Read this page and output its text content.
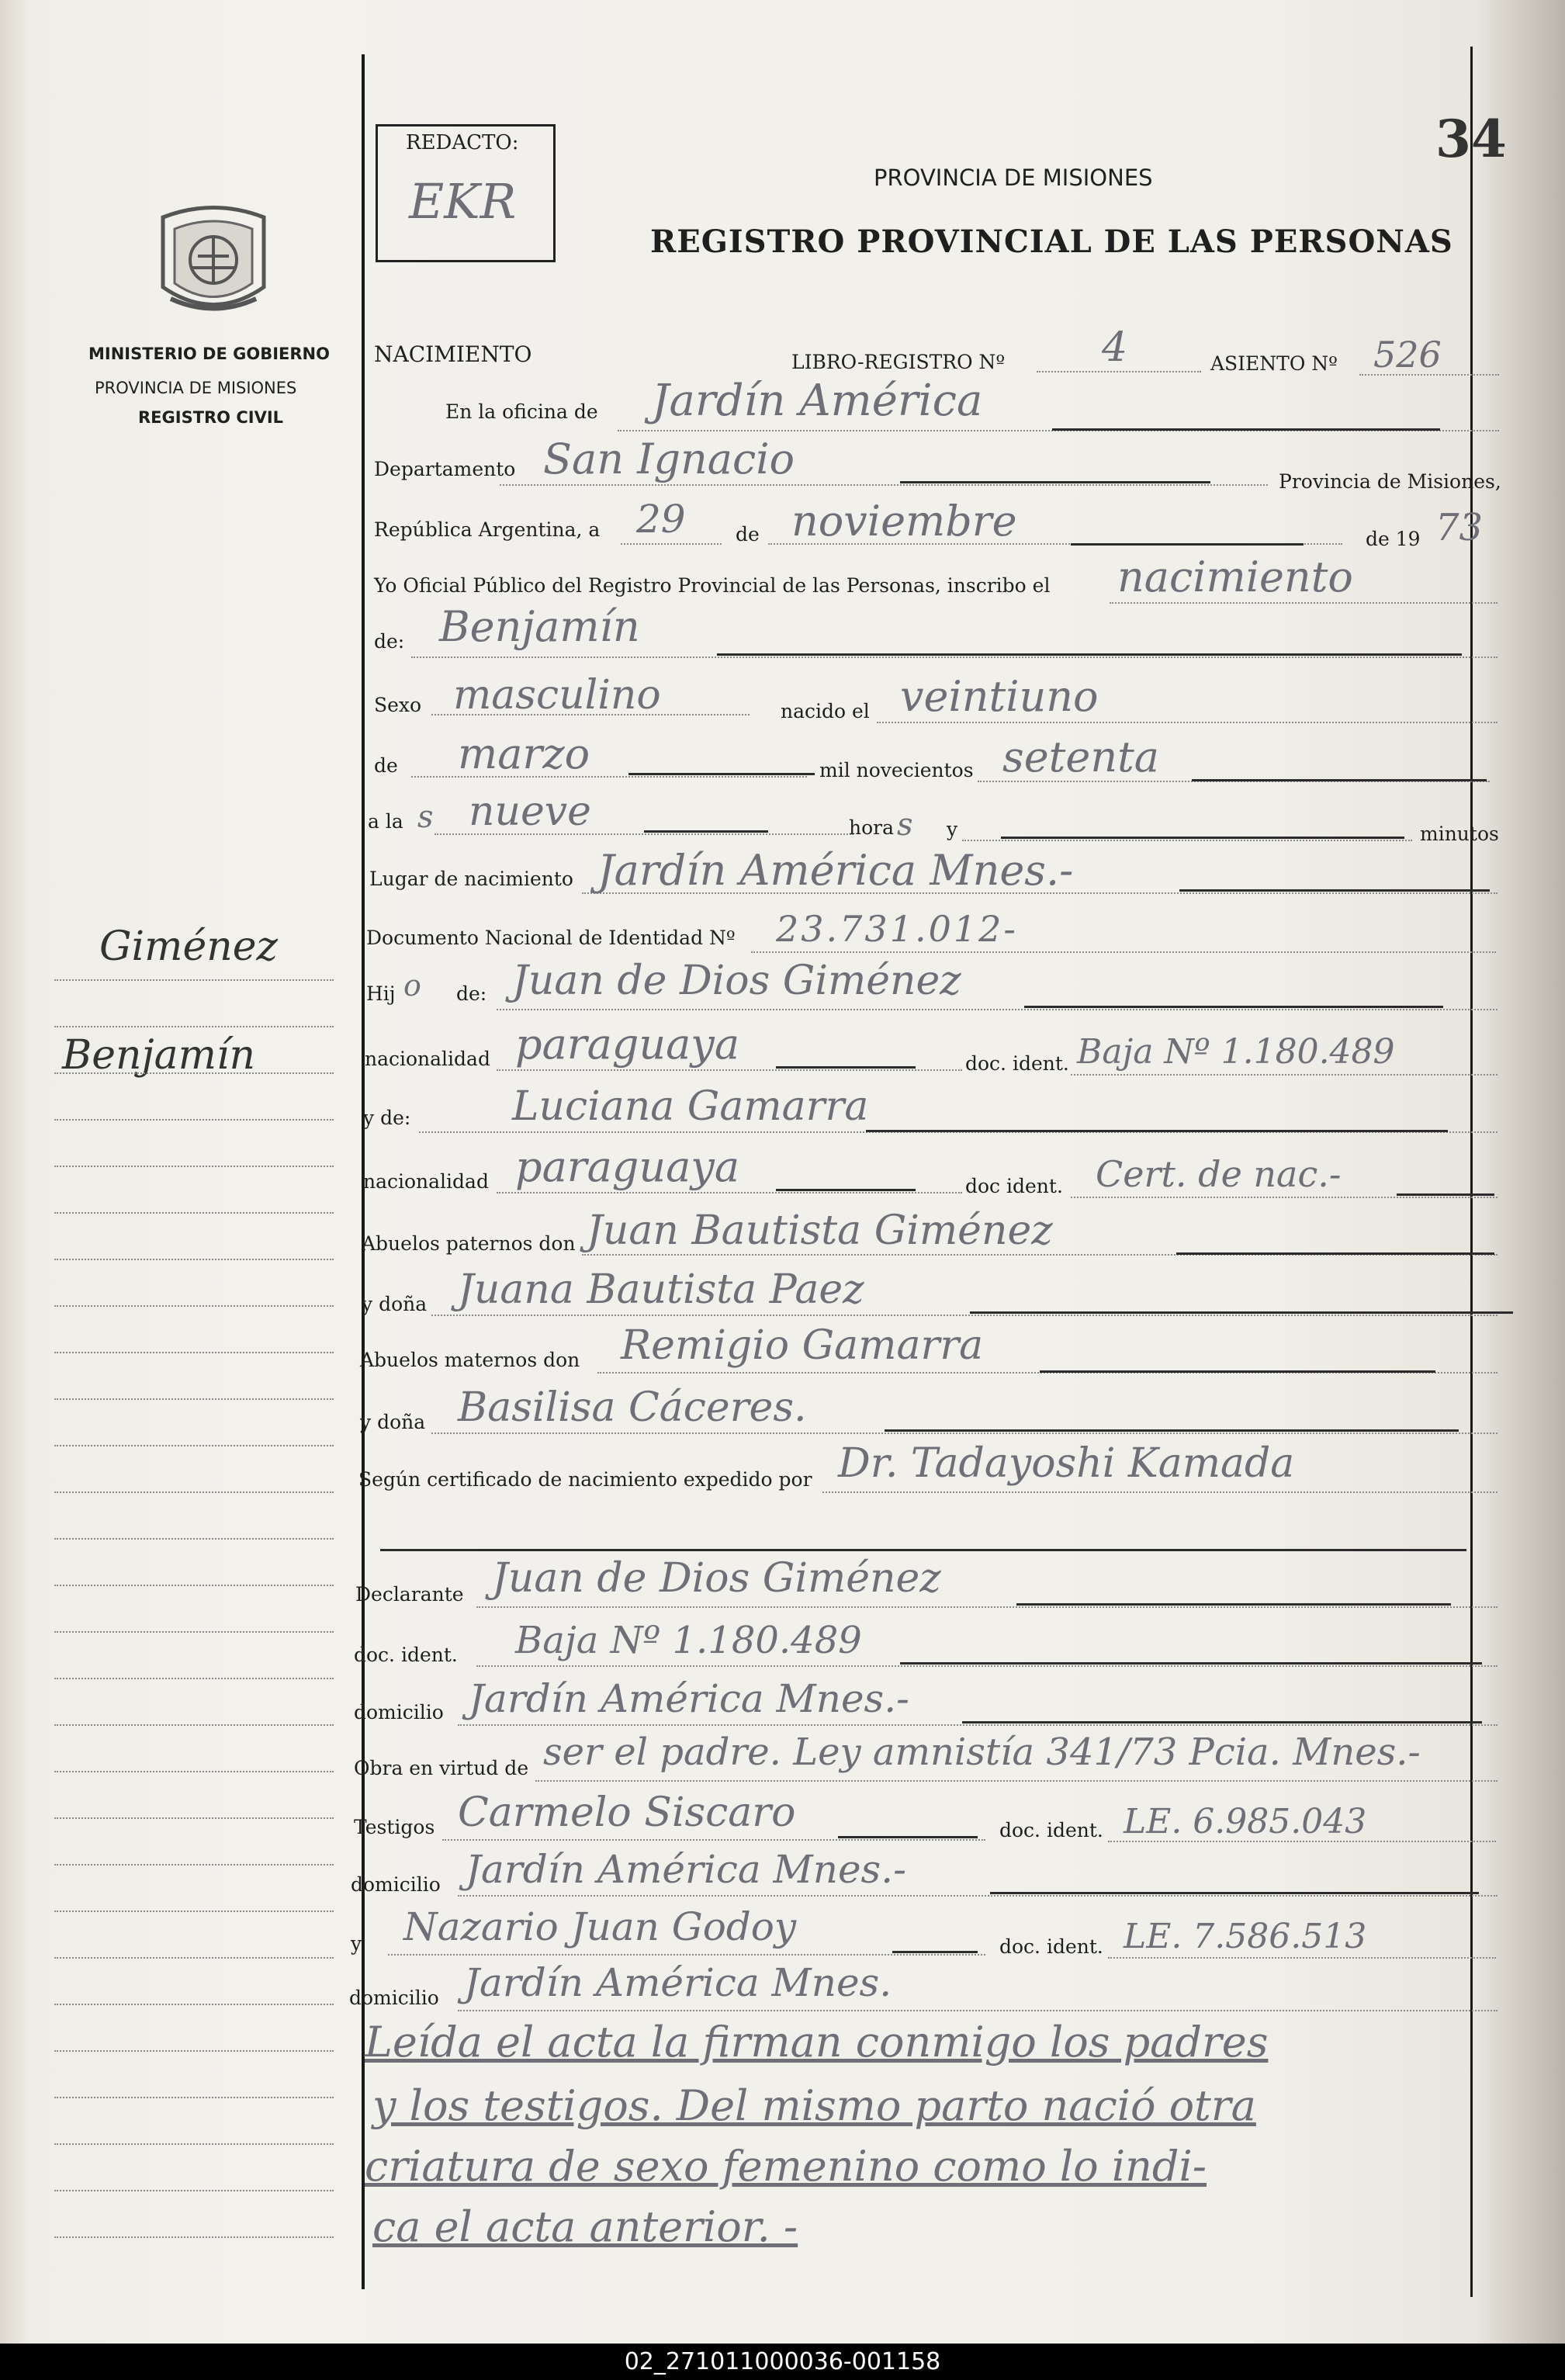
34
REDACTO:
EKR	PROVINCIA DE MISIONES
REGISTRO PROVINCIAL DE LAS PERSONAS
MINISTERIO DE GOBIERNO
PROVINCIA DE MISIONES
REGISTRO CIVIL
Giménez
Benjamín
NACIMIENTO	LIBRO-REGISTRO Nº 4	ASIENTO Nº 526
En la oficina de Jardín América
Departamento San Ignacio	Provincia de Misiones,
República Argentina, a 29	de noviembre	de 19 73
Yo Oficial Público del Registro Provincial de las Personas, inscribo el nacimiento
de: Benjamín
Sexo masculino	nacido el veintiuno
de marzo	mil novecientos setenta
a la s nueve	hora s y	minutos
Lugar de nacimiento Jardín América Mnes.-
Documento Nacional de Identidad Nº 23.731.012-
Hij o de: Juan de Dios Giménez
nacionalidad paraguaya	doc. ident. Baja Nº 1.180.489
y de:	Luciana Gamarra
nacionalidad paraguaya	doc ident. Cert. de nac.-
Abuelos paternos don Juan Bautista Giménez
y doña Juana Bautista Paez
Abuelos maternos don Remigio Gamarra
y doña Basilisa Cáceres.
Según certificado de nacimiento expedido por Dr. Tadayoshi Kamada
Declarante Juan de Dios Giménez
doc. ident. Baja Nº 1.180.489
domicilio Jardín América Mnes.-
Obra en virtud de ser el padre. Ley amnistía 341/73 Pcia. Mnes.-
Testigos Carmelo Siscaro	doc. ident. LE. 6.985.043
domicilio Jardín América Mnes.-
y Nazario Juan Godoy	doc. ident. LE. 7.586.513
domicilio Jardín América Mnes.
Leída el acta la firman conmigo los padres
y los testigos. Del mismo parto nació otra
criatura de sexo femenino como lo indi-
ca el acta anterior. -
02_271011000036-001158
